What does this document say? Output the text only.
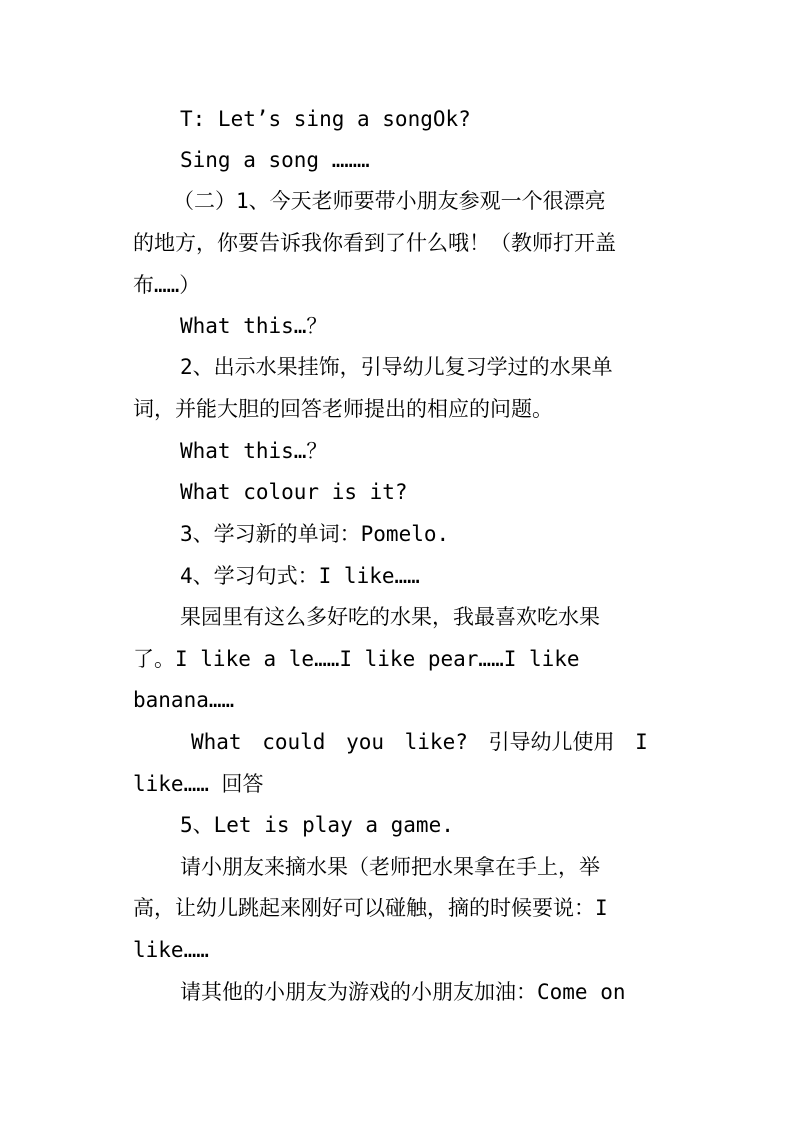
T: Let’s sing a songOk?
Sing a song ………
（二）1、今天老师要带小朋友参观一个很漂亮
的地方，你要告诉我你看到了什么哦！（教师打开盖
布……）
What this…？
2、出示水果挂饰，引导幼儿复习学过的水果单
词，并能大胆的回答老师提出的相应的问题。
What this…？
What colour is it?
3、学习新的单词：Pomelo.
4、学习句式：I like……
果园里有这么多好吃的水果，我最喜欢吃水果
了。I like a le……I like pear……I like
banana……
What could you like? 引导幼儿使用 I
like…… 回答
5、Let is play a game.
请小朋友来摘水果（老师把水果拿在手上，举
高，让幼儿跳起来刚好可以碰触，摘的时候要说：I
like……
请其他的小朋友为游戏的小朋友加油：Come on
